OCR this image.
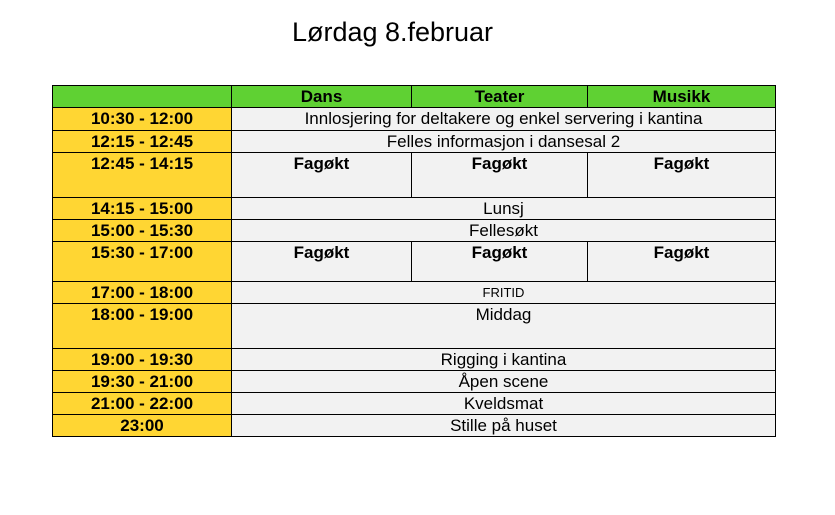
Lørdag 8.februar
	Dans	Teater	Musikk
10:30 - 12:00	Innlosjering for deltakere og enkel servering i kantina		
12:15 - 12:45	Felles informasjon i dansesal 2		
12:45 - 14:15	Fagøkt	Fagøkt	Fagøkt
14:15 - 15:00	Lunsj		
15:00 - 15:30	Fellesøkt		
15:30 - 17:00	Fagøkt	Fagøkt	Fagøkt
17:00 - 18:00	FRITID		
18:00 - 19:00	Middag		
19:00 - 19:30	Rigging i kantina		
19:30 - 21:00	Åpen scene		
21:00 - 22:00	Kveldsmat		
23:00	Stille på huset		
